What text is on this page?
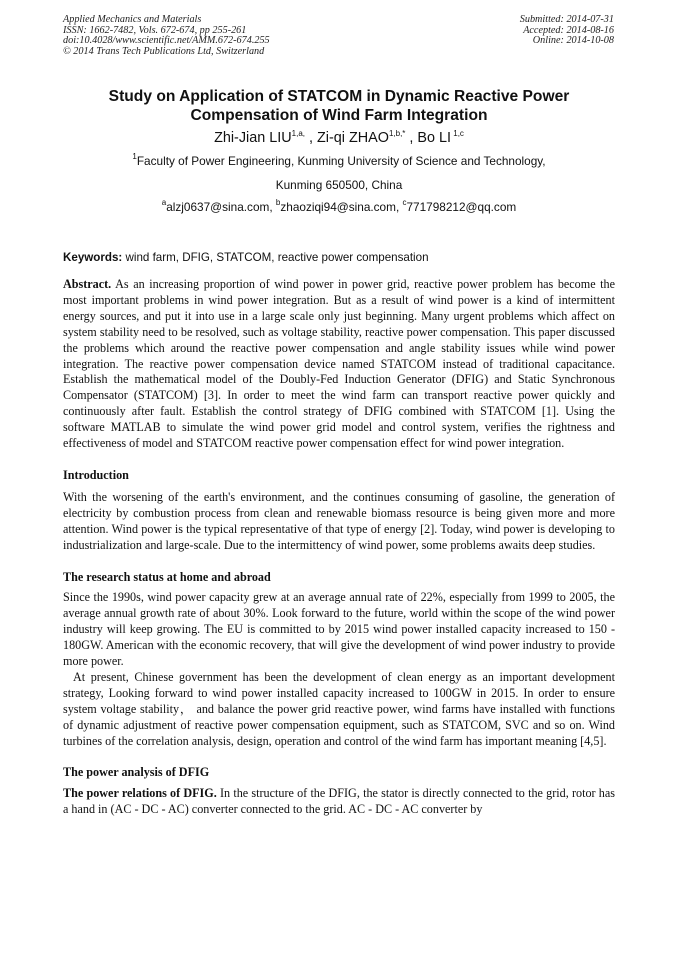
Applied Mechanics and Materials
ISSN: 1662-7482, Vols. 672-674, pp 255-261
doi:10.4028/www.scientific.net/AMM.672-674.255
© 2014 Trans Tech Publications Ltd, Switzerland
Submitted: 2014-07-31
Accepted: 2014-08-16
Online: 2014-10-08
Study on Application of STATCOM in Dynamic Reactive Power
Compensation of Wind Farm Integration
Zhi-Jian $LIU^{1,a,}$ , Zi-qi $ZHAO^{1,b,*}$ , Bo LI $^{1,c}$
$^1$Faculty of Power Engineering, Kunming University of Science and Technology,
Kunming 650500, China
$^a$alzj0637@sina.com, $^b$zhaoziqi94@sina.com, $^c$771798212@qq.com
Keywords: wind farm, DFIG, STATCOM, reactive power compensation

Abstract. As an increasing proportion of wind power in power grid, reactive power problem has become the most important problems in wind power integration. But as a result of wind power is a kind of intermittent energy sources, and put it into use in a large scale only just beginning. Many urgent problems which affect on system stability need to be resolved, such as voltage stability, reactive power compensation. This paper discussed the problems which around the reactive power compensation and angle stability issues while wind power integration. The reactive power compensation device named STATCOM instead of traditional capacitance. Establish the mathematical model of the Doubly-Fed Induction Generator (DFIG) and Static Synchronous Compensator (STATCOM) [3]. In order to meet the wind farm can transport reactive power quickly and continuously after fault. Establish the control strategy of DFIG combined with STATCOM [1]. Using the software MATLAB to simulate the wind power grid model and control system, verifies the rightness and effectiveness of model and STATCOM reactive power compensation effect for wind power integration.

Introduction

With the worsening of the earth's environment, and the continues consuming of gasoline, the generation of electricity by combustion process from clean and renewable biomass resource is being given more and more attention. Wind power is the typical representative of that type of energy [2]. Today, wind power is developing to industrialization and large-scale. Due to the intermittency of wind power, some problems awaits deep studies.

The research status at home and abroad

Since the 1990s, wind power capacity grew at an average annual rate of 22%, especially from 1999 to 2005, the average annual growth rate of about 30%. Look forward to the future, world within the scope of the wind power industry will keep growing. The EU is committed to by 2015 wind power installed capacity increased to 150 - 180GW. American with the economic recovery, that will give the development of wind power industry to provide more power.

At present, Chinese government has been the development of clean energy as an important development strategy, Looking forward to wind power installed capacity increased to 100GW in 2015. In order to ensure system voltage stability， and balance the power grid reactive power, wind farms have installed with functions of dynamic adjustment of reactive power compensation equipment, such as STATCOM, SVC and so on. Wind turbines of the correlation analysis, design, operation and control of the wind farm has important meaning [4,5].

The power analysis of DFIG

The power relations of DFIG. In the structure of the DFIG, the stator is directly connected to the grid, rotor has a hand in (AC - DC - AC) converter connected to the grid. AC - DC - AC converter by
